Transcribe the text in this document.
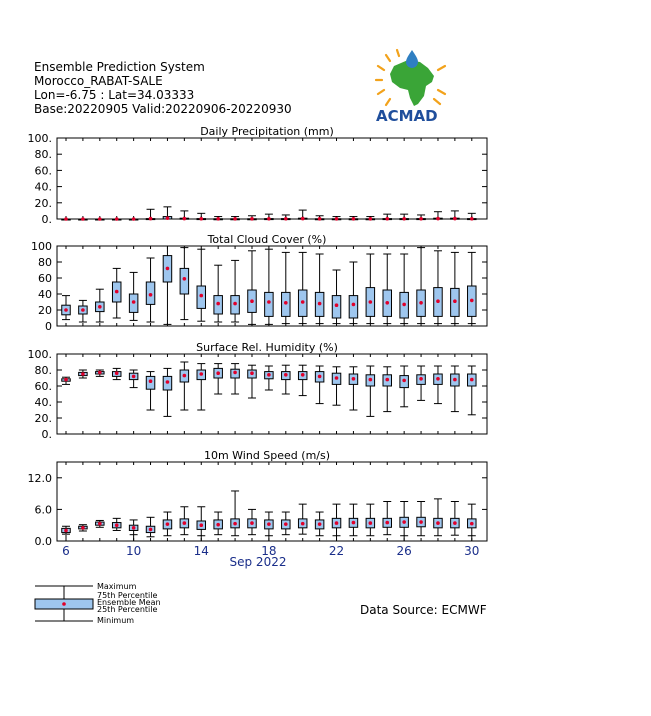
Ensemble Prediction System
Morocco_RABAT-SALE
Lon=-6.75 : Lat=34.03333
Base:20220905 Valid:20220906-20220930	ACMAD
Daily Precipitation (mm)
0.
20.
40.
60.
80.
100.
Total Cloud Cover (%)
0
20
40
60
80
100
Surface Rel. Humidity (%)
0.
20.
40.
60.
80.
100.
10m Wind Speed (m/s)
0.0
6.0
12.0
6	10	14	18	22	26	30
Sep 2022
Maximum
75th Percentile
Ensemble Mean
25th Percentile
Minimum
Data Source: ECMWF
